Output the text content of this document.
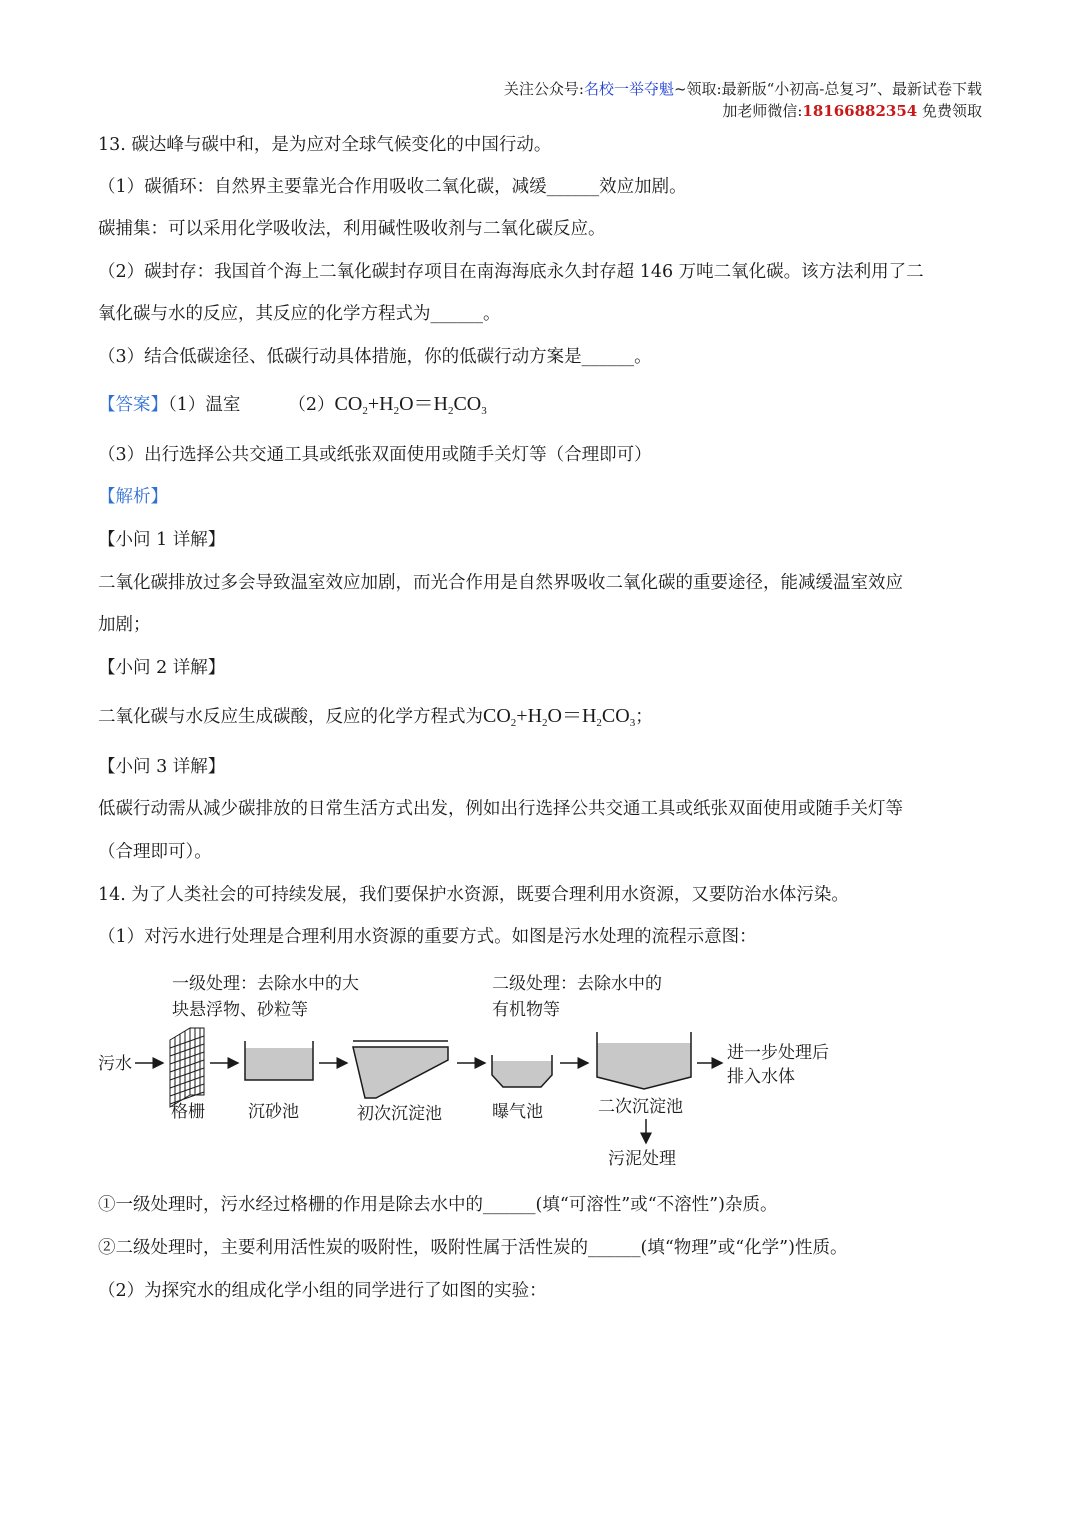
关注公众号:名校一举夺魁~领取:最新版“小初高-总复习”、最新试卷下载
加老师微信:18166882354 免费领取
13. 碳达峰与碳中和，是为应对全球气候变化的中国行动。
（1）碳循环：自然界主要靠光合作用吸收二氧化碳，减缓______效应加剧。
碳捕集：可以采用化学吸收法，利用碱性吸收剂与二氧化碳反应。
（2）碳封存：我国首个海上二氧化碳封存项目在南海海底永久封存超 146 万吨二氧化碳。该方法利用了二
氧化碳与水的反应，其反应的化学方程式为______。
（3）结合低碳途径、低碳行动具体措施，你的低碳行动方案是______。
【答案】（1）温室	$(2)CO_2+H_2O=H_2CO_3$
（3）出行选择公共交通工具或纸张双面使用或随手关灯等（合理即可）
【解析】
【小问 1 详解】
二氧化碳排放过多会导致温室效应加剧，而光合作用是自然界吸收二氧化碳的重要途径，能减缓温室效应
加剧；
【小问 2 详解】
二氧化碳与水反应生成碳酸，反应的化学方程式为$CO_2+H_2O=H_2CO_3$；
【小问 3 详解】
低碳行动需从减少碳排放的日常生活方式出发，例如出行选择公共交通工具或纸张双面使用或随手关灯等
（合理即可）。
14. 为了人类社会的可持续发展，我们要保护水资源，既要合理利用水资源，又要防治水体污染。
（1）对污水进行处理是合理利用水资源的重要方式。如图是污水处理的流程示意图：
一级处理：去除水中的大
块悬浮物、砂粒等
二级处理：去除水中的
有机物等
污水
格栅	沉砂池	初次沉淀池	曝气池	二次沉淀池
进一步处理后
排入水体
污泥处理
①一级处理时，污水经过格栅的作用是除去水中的______(填“可溶性”或“不溶性”)杂质。
②二级处理时，主要利用活性炭的吸附性，吸附性属于活性炭的______(填“物理”或“化学”)性质。
（2）为探究水的组成化学小组的同学进行了如图的实验：
